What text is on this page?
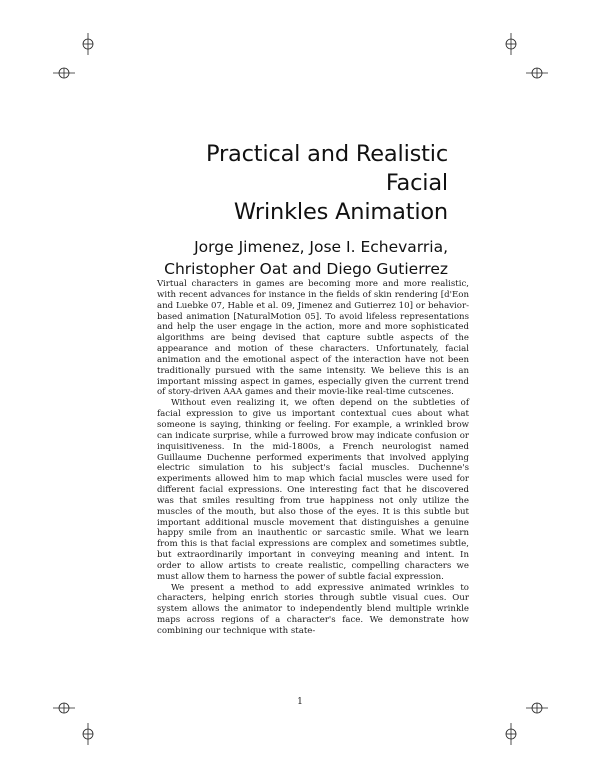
Practical and Realistic Facial
Wrinkles Animation
Jorge Jimenez, Jose I. Echevarria,
Christopher Oat and Diego Gutierrez

Virtual characters in games are becoming more and more realistic, with recent advances for instance in the fields of skin rendering [d'Eon and Luebke 07, Hable et al. 09, Jimenez and Gutierrez 10] or behavior-based animation [NaturalMotion 05]. To avoid lifeless representations and help the user engage in the action, more and more sophisticated algorithms are being devised that capture subtle aspects of the appearance and motion of these characters. Unfortunately, facial animation and the emotional aspect of the interaction have not been traditionally pursued with the same intensity. We believe this is an important missing aspect in games, especially given the current trend of story-driven AAA games and their movie-like real-time cutscenes.

Without even realizing it, we often depend on the subtleties of facial expression to give us important contextual cues about what someone is saying, thinking or feeling. For example, a wrinkled brow can indicate surprise, while a furrowed brow may indicate confusion or inquisitiveness. In the mid-1800s, a French neurologist named Guillaume Duchenne performed experiments that involved applying electric simulation to his subject's facial muscles. Duchenne's experiments allowed him to map which facial muscles were used for different facial expressions. One interesting fact that he discovered was that smiles resulting from true happiness not only utilize the muscles of the mouth, but also those of the eyes. It is this subtle but important additional muscle movement that distinguishes a genuine happy smile from an inauthentic or sarcastic smile. What we learn from this is that facial expressions are complex and sometimes subtle, but extraordinarily important in conveying meaning and intent. In order to allow artists to create realistic, compelling characters we must allow them to harness the power of subtle facial expression.

We present a method to add expressive animated wrinkles to characters, helping enrich stories through subtle visual cues. Our system allows the animator to independently blend multiple wrinkle maps across regions of a character's face. We demonstrate how combining our technique with state-

1
